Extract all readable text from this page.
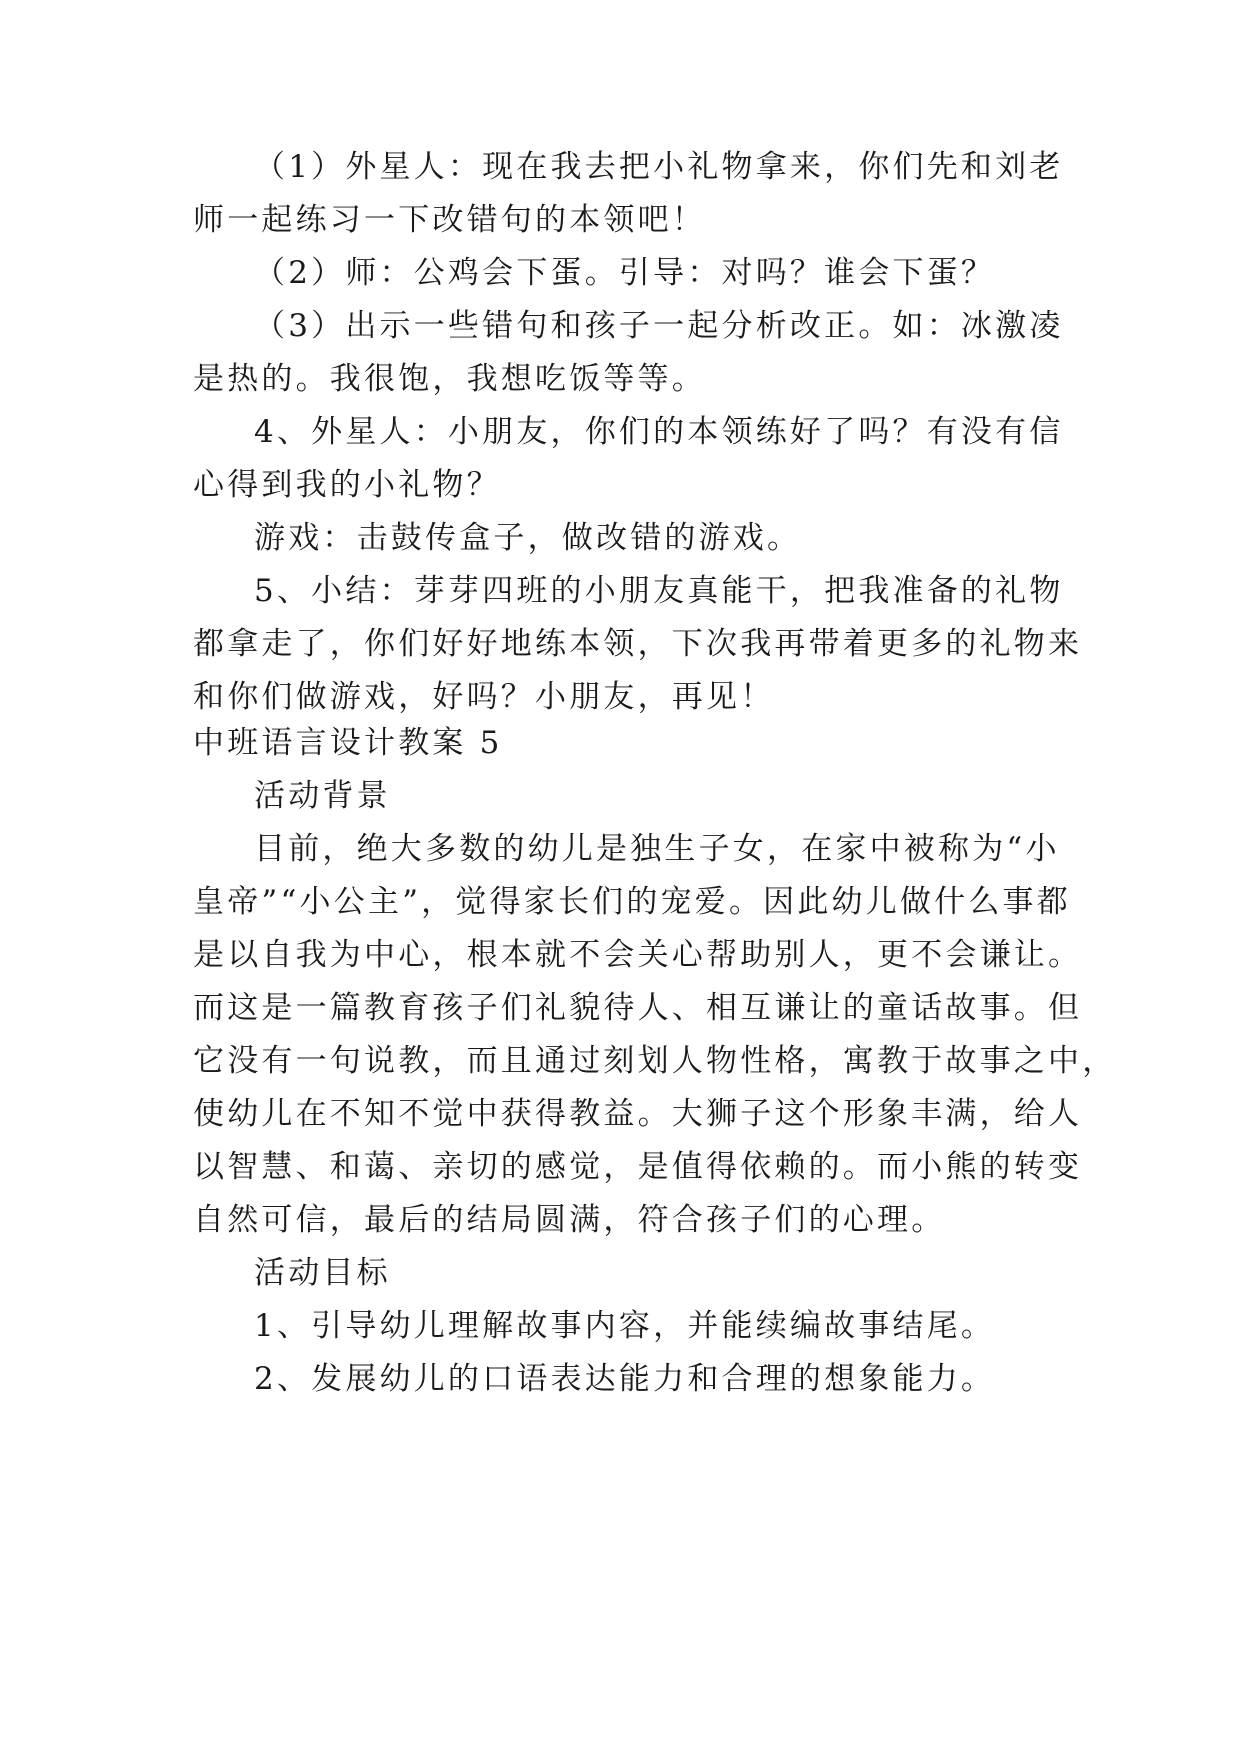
（1）外星人：现在我去把小礼物拿来，你们先和刘老
师一起练习一下改错句的本领吧！
（2）师：公鸡会下蛋。引导：对吗？谁会下蛋？
（3）出示一些错句和孩子一起分析改正。如：冰激凌
是热的。我很饱，我想吃饭等等。
4、外星人：小朋友，你们的本领练好了吗？有没有信
心得到我的小礼物？
游戏：击鼓传盒子，做改错的游戏。
5、小结：芽芽四班的小朋友真能干，把我准备的礼物
都拿走了，你们好好地练本领，下次我再带着更多的礼物来
和你们做游戏，好吗？小朋友，再见！
中班语言设计教案 5
活动背景
目前，绝大多数的幼儿是独生子女，在家中被称为“小
皇帝”“小公主”，觉得家长们的宠爱。因此幼儿做什么事都
是以自我为中心，根本就不会关心帮助别人，更不会谦让。
而这是一篇教育孩子们礼貌待人、相互谦让的童话故事。但
它没有一句说教，而且通过刻划人物性格，寓教于故事之中，
使幼儿在不知不觉中获得教益。大狮子这个形象丰满，给人
以智慧、和蔼、亲切的感觉，是值得依赖的。而小熊的转变
自然可信，最后的结局圆满，符合孩子们的心理。
活动目标
1、引导幼儿理解故事内容，并能续编故事结尾。
2、发展幼儿的口语表达能力和合理的想象能力。
